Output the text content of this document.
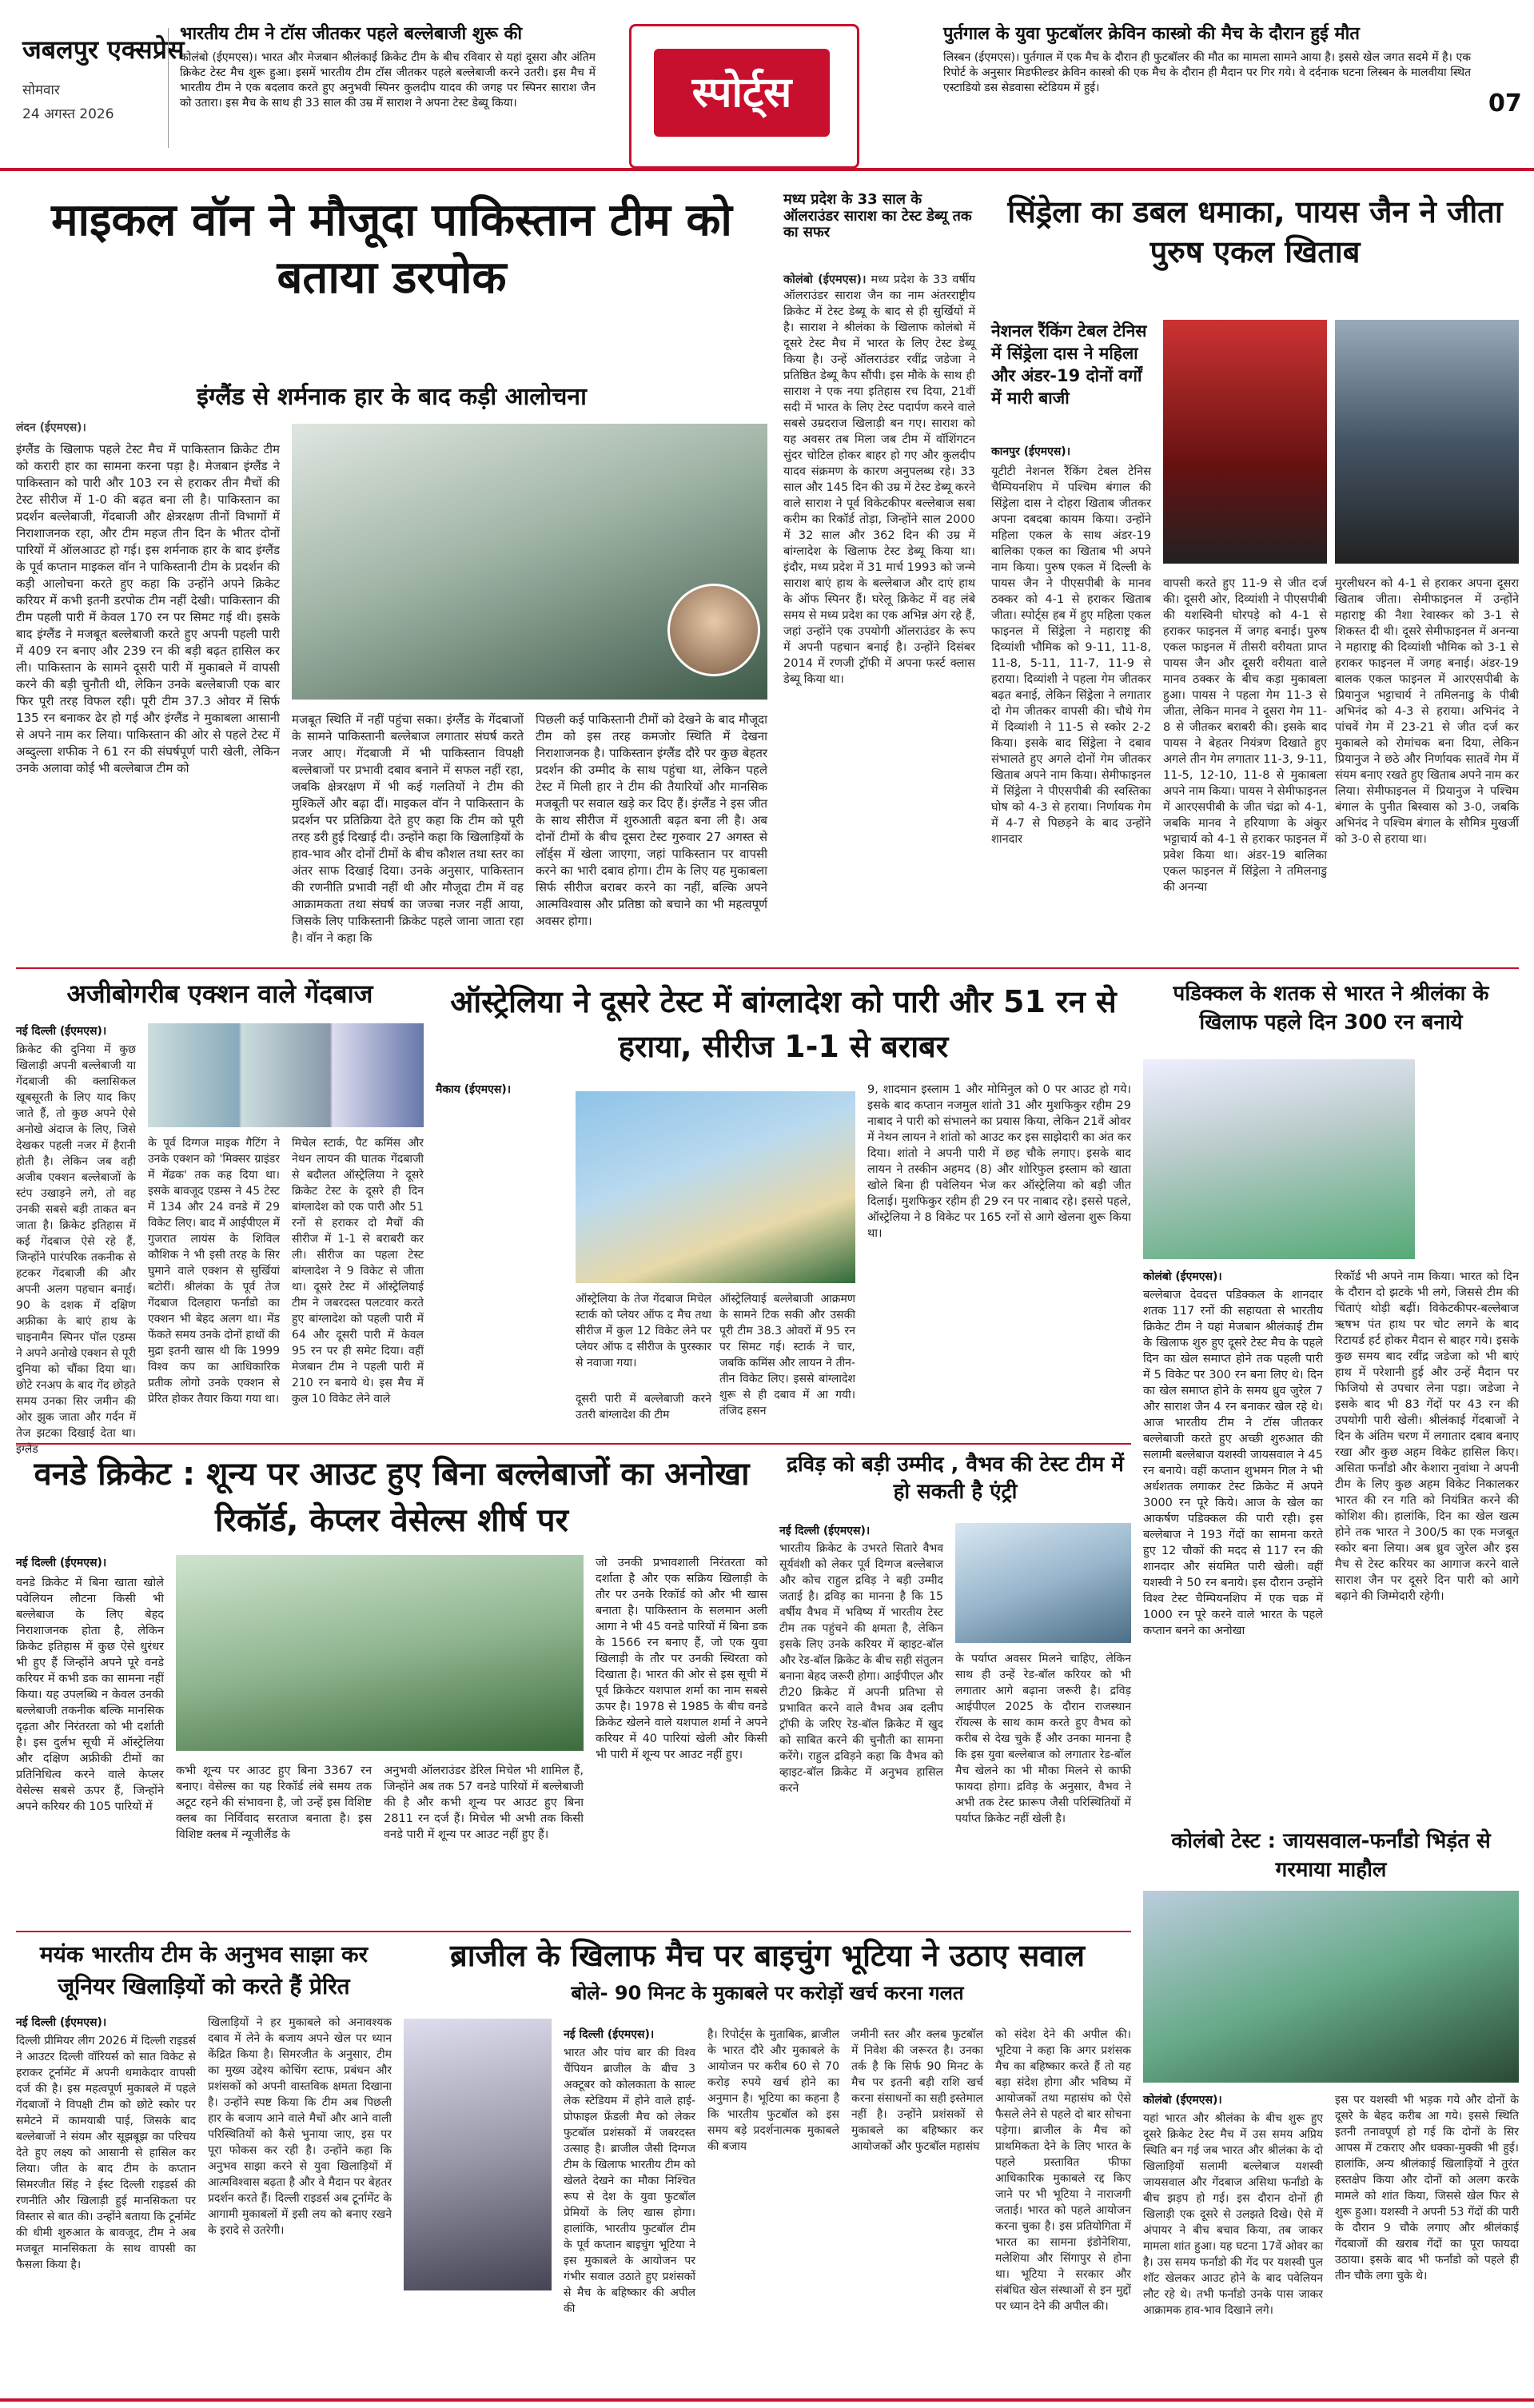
जबलपुर एक्सप्रेस
सोमवार
24 अगस्त 2026
भारतीय टीम ने टॉस जीतकर पहले बल्लेबाजी शुरू की
कोलंबो (ईएमएस)। भारत और मेजबान श्रीलंकाई क्रिकेट टीम के बीच रविवार से यहां दूसरा और अंतिम क्रिकेट टेस्ट मैच शुरू हुआ। इसमें भारतीय टीम टॉस जीतकर पहले बल्लेबाजी करने उतरी। इस मैच में भारतीय टीम ने एक बदलाव करते हुए अनुभवी स्पिनर कुलदीप यादव की जगह पर स्पिनर साराश जैन को उतारा। इस मैच के साथ ही 33 साल की उम्र में साराश ने अपना टेस्ट डेब्यू किया।	स्पोर्ट्स
पुर्तगाल के युवा फुटबॉलर क्रेविन कास्त्रो की मैच के दौरान हुई मौत
लिस्बन (ईएमएस)। पुर्तगाल में एक मैच के दौरान ही फुटबॉलर की मौत का मामला सामने आया है। इससे खेल जगत सदमे में है। एक रिपोर्ट के अनुसार मिडफील्डर क्रेविन कास्त्रो की एक मैच के दौरान ही मैदान पर गिर गये। वे दर्दनाक घटना लिस्बन के मालवीया स्थित एस्टाडियो डस सेडवासा स्टेडियम में हुई।
07
माइकल वॉन ने मौजूदा पाकिस्तान टीम को बताया डरपोक
इंग्लैंड से शर्मनाक हार के बाद कड़ी आलोचना
लंदन (ईएमएस)।
इंग्लैंड के खिलाफ पहले टेस्ट मैच में पाकिस्तान क्रिकेट टीम को करारी हार का सामना करना पड़ा है। मेजबान इंग्लैंड ने पाकिस्तान को पारी और 103 रन से हराकर तीन मैचों की टेस्ट सीरीज में 1-0 की बढ़त बना ली है। पाकिस्तान का प्रदर्शन बल्लेबाजी, गेंदबाजी और क्षेत्ररक्षण तीनों विभागों में निराशाजनक रहा, और टीम महज तीन दिन के भीतर दोनों पारियों में ऑलआउट हो गई। इस शर्मनाक हार के बाद इंग्लैंड के पूर्व कप्तान माइकल वॉन ने पाकिस्तानी टीम के प्रदर्शन की कड़ी आलोचना करते हुए कहा कि उन्होंने अपने क्रिकेट करियर में कभी इतनी डरपोक टीम नहीं देखी। पाकिस्तान की टीम पहली पारी में केवल 170 रन पर सिमट गई थी। इसके बाद इंग्लैंड ने मजबूत बल्लेबाजी करते हुए अपनी पहली पारी में 409 रन बनाए और 239 रन की बड़ी बढ़त हासिल कर ली। पाकिस्तान के सामने दूसरी पारी में मुकाबले में वापसी करने की बड़ी चुनौती थी, लेकिन उनके बल्लेबाजी एक बार फिर पूरी तरह विफल रही। पूरी टीम 37.3 ओवर में सिर्फ 135 रन बनाकर ढेर हो गई और इंग्लैंड ने मुकाबला आसानी से अपने नाम कर लिया। पाकिस्तान की ओर से पहले टेस्ट में अब्दुल्ला शफीक ने 61 रन की संघर्षपूर्ण पारी खेली, लेकिन उनके अलावा कोई भी बल्लेबाज टीम को
मजबूत स्थिति में नहीं पहुंचा सका। इंग्लैंड के गेंदबाजों के सामने पाकिस्तानी बल्लेबाज लगातार संघर्ष करते नजर आए। गेंदबाजी में भी पाकिस्तान विपक्षी बल्लेबाजों पर प्रभावी दबाव बनाने में सफल नहीं रहा, जबकि क्षेत्ररक्षण में भी कई गलतियों ने टीम की मुश्किलें और बढ़ा दीं। माइकल वॉन ने पाकिस्तान के प्रदर्शन पर प्रतिक्रिया देते हुए कहा कि टीम को पूरी तरह डरी हुई दिखाई दी। उन्होंने कहा कि खिलाड़ियों के हाव-भाव और दोनों टीमों के बीच कौशल तथा स्तर का अंतर साफ दिखाई दिया। उनके अनुसार, पाकिस्तान की रणनीति प्रभावी नहीं थी और मौजूदा टीम में वह आक्रामकता तथा संघर्ष का जज्बा नजर नहीं आया, जिसके लिए पाकिस्तानी क्रिकेट पहले जाना जाता रहा है। वॉन ने कहा कि
पिछली कई पाकिस्तानी टीमों को देखने के बाद मौजूदा टीम को इस तरह कमजोर स्थिति में देखना निराशाजनक है। पाकिस्तान इंग्लैंड दौरे पर कुछ बेहतर प्रदर्शन की उम्मीद के साथ पहुंचा था, लेकिन पहले टेस्ट में मिली हार ने टीम की तैयारियों और मानसिक मजबूती पर सवाल खड़े कर दिए हैं। इंग्लैंड ने इस जीत के साथ सीरीज में शुरुआती बढ़त बना ली है। अब दोनों टीमों के बीच दूसरा टेस्ट गुरुवार 27 अगस्त से लॉर्ड्स में खेला जाएगा, जहां पाकिस्तान पर वापसी करने का भारी दबाव होगा। टीम के लिए यह मुकाबला सिर्फ सीरीज बराबर करने का नहीं, बल्कि अपने आत्मविश्वास और प्रतिष्ठा को बचाने का भी महत्वपूर्ण अवसर होगा।
मध्य प्रदेश के 33 साल के ऑलराउंडर साराश का टेस्ट डेब्यू तक का सफर
कोलंबो (ईएमएस)। मध्य प्रदेश के 33 वर्षीय ऑलराउंडर साराश जैन का नाम अंतरराष्ट्रीय क्रिकेट में टेस्ट डेब्यू के बाद से ही सुर्खियों में है। साराश ने श्रीलंका के खिलाफ कोलंबो में दूसरे टेस्ट मैच में भारत के लिए टेस्ट डेब्यू किया है। उन्हें ऑलराउंडर रवींद्र जडेजा ने प्रतिष्ठित डेब्यू कैप सौंपी। इस मौके के साथ ही साराश ने एक नया इतिहास रच दिया, 21वीं सदी में भारत के लिए टेस्ट पदार्पण करने वाले सबसे उम्रदराज खिलाड़ी बन गए। साराश को यह अवसर तब मिला जब टीम में वॉशिंगटन सुंदर चोटिल होकर बाहर हो गए और कुलदीप यादव संक्रमण के कारण अनुपलब्ध रहे। 33 साल और 145 दिन की उम्र में टेस्ट डेब्यू करने वाले साराश ने पूर्व विकेटकीपर बल्लेबाज सबा करीम का रिकॉर्ड तोड़ा, जिन्होंने साल 2000 में 32 साल और 362 दिन की उम्र में बांग्लादेश के खिलाफ टेस्ट डेब्यू किया था। इंदौर, मध्य प्रदेश में 31 मार्च 1993 को जन्मे साराश बाएं हाथ के बल्लेबाज और दाएं हाथ के ऑफ स्पिनर हैं। घरेलू क्रिकेट में वह लंबे समय से मध्य प्रदेश का एक अभिन्न अंग रहे हैं, जहां उन्होंने एक उपयोगी ऑलराउंडर के रूप में अपनी पहचान बनाई है। उन्होंने दिसंबर 2014 में रणजी ट्रॉफी में अपना फर्स्ट क्लास डेब्यू किया था।
सिंड्रेला का डबल धमाका, पायस जैन ने जीता पुरुष एकल खिताब
नेशनल रैंकिंग टेबल टेनिस में सिंड्रेला दास ने महिला और अंडर-19 दोनों वर्गों में मारी बाजी
कानपुर (ईएमएस)।
यूटीटी नेशनल रैंकिंग टेबल टेनिस चैम्पियनशिप में पश्चिम बंगाल की सिंड्रेला दास ने दोहरा खिताब जीतकर अपना दबदबा कायम किया। उन्होंने महिला एकल के साथ अंडर-19 बालिका एकल का खिताब भी अपने नाम किया। पुरुष एकल में दिल्ली के पायस जैन ने पीएसपीबी के मानव ठक्कर को 4-1 से हराकर खिताब जीता। स्पोर्ट्स हब में हुए महिला एकल फाइनल में सिंड्रेला ने महाराष्ट्र की दिव्यांशी भौमिक को 9-11, 11-8, 11-8, 5-11, 11-7, 11-9 से हराया। दिव्यांशी ने पहला गेम जीतकर बढ़त बनाई, लेकिन सिंड्रेला ने लगातार दो गेम जीतकर वापसी की। चौथे गेम में दिव्यांशी ने 11-5 से स्कोर 2-2 किया। इसके बाद सिंड्रेला ने दबाव संभालते हुए अगले दोनों गेम जीतकर खिताब अपने नाम किया। सेमीफाइनल में सिंड्रेला ने पीएसपीबी की स्वस्तिका घोष को 4-3 से हराया। निर्णायक गेम में 4-7 से पिछड़ने के बाद उन्होंने शानदार
वापसी करते हुए 11-9 से जीत दर्ज की। दूसरी ओर, दिव्यांशी ने पीएसपीबी की यशस्विनी घोरपड़े को 4-1 से हराकर फाइनल में जगह बनाई। पुरुष एकल फाइनल में तीसरी वरीयता प्राप्त पायस जैन और दूसरी वरीयता वाले मानव ठक्कर के बीच कड़ा मुकाबला हुआ। पायस ने पहला गेम 11-3 से जीता, लेकिन मानव ने दूसरा गेम 11-8 से जीतकर बराबरी की। इसके बाद पायस ने बेहतर नियंत्रण दिखाते हुए अगले तीन गेम लगातार 11-3, 9-11, 11-5, 12-10, 11-8 से मुकाबला अपने नाम किया। पायस ने सेमीफाइनल में आरएसपीबी के जीत चंद्रा को 4-1, जबकि मानव ने हरियाणा के अंकुर भट्टाचार्य को 4-1 से हराकर फाइनल में प्रवेश किया था। अंडर-19 बालिका एकल फाइनल में सिंड्रेला ने तमिलनाडु की अनन्या
मुरलीधरन को 4-1 से हराकर अपना दूसरा खिताब जीता। सेमीफाइनल में उन्होंने महाराष्ट्र की नैशा रेवास्कर को 3-1 से शिकस्त दी थी। दूसरे सेमीफाइनल में अनन्या ने महाराष्ट्र की दिव्यांशी भौमिक को 3-1 से हराकर फाइनल में जगह बनाई। अंडर-19 बालक एकल फाइनल में आरएसपीबी के प्रियानुज भट्टाचार्य ने तमिलनाडु के पीबी अभिनंद को 4-3 से हराया। अभिनंद ने पांचवें गेम में 23-21 से जीत दर्ज कर मुकाबले को रोमांचक बना दिया, लेकिन प्रियानुज ने छठे और निर्णायक सातवें गेम में संयम बनाए रखते हुए खिताब अपने नाम कर लिया। सेमीफाइनल में प्रियानुज ने पश्चिम बंगाल के पुनीत बिस्वास को 3-0, जबकि अभिनंद ने पश्चिम बंगाल के सौमित्र मुखर्जी को 3-0 से हराया था।
अजीबोगरीब एक्शन वाले गेंदबाज
नई दिल्ली (ईएमएस)।
क्रिकेट की दुनिया में कुछ खिलाड़ी अपनी बल्लेबाजी या गेंदबाजी की क्लासिकल खूबसूरती के लिए याद किए जाते हैं, तो कुछ अपने ऐसे अनोखे अंदाज के लिए, जिसे देखकर पहली नजर में हैरानी होती है। लेकिन जब वही अजीब एक्शन बल्लेबाजों के स्टंप उखाड़ने लगे, तो वह उनकी सबसे बड़ी ताकत बन जाता है। क्रिकेट इतिहास में कई गेंदबाज ऐसे रहे हैं, जिन्होंने पारंपरिक तकनीक से हटकर गेंदबाजी की और अपनी अलग पहचान बनाई। 90 के दशक में दक्षिण अफ्रीका के बाएं हाथ के चाइनामैन स्पिनर पॉल एडम्स ने अपने अनोखे एक्शन से पूरी दुनिया को चौंका दिया था। छोटे रनअप के बाद गेंद छोड़ते समय उनका सिर जमीन की ओर झुक जाता और गर्दन में तेज झटका दिखाई देता था। इंग्लैंड
के पूर्व दिग्गज माइक गैटिंग ने उनके एक्शन को 'मिक्सर ग्राइंडर में मेंढक' तक कह दिया था। इसके बावजूद एडम्स ने 45 टेस्ट में 134 और 24 वनडे में 29 विकेट लिए। बाद में आईपीएल में गुजरात लायंस के शिविल कौशिक ने भी इसी तरह के सिर घुमाने वाले एक्शन से सुर्खियां बटोरीं। श्रीलंका के पूर्व तेज गेंदबाज दिलहारा फर्नांडो का एक्शन भी बेहद अलग था। मेंड फेंकते समय उनके दोनों हाथों की मुद्रा इतनी खास थी कि 1999 विश्व कप का आधिकारिक प्रतीक लोगो उनके एक्शन से प्रेरित होकर तैयार किया गया था।
मिचेल स्टार्क, पैट कमिंस और नेथन लायन की घातक गेंदबाजी से बदौलत ऑस्ट्रेलिया ने दूसरे क्रिकेट टेस्ट के दूसरे ही दिन बांग्लादेश को एक पारी और 51 रनों से हराकर दो मैचों की सीरीज में 1-1 से बराबरी कर ली। सीरीज का पहला टेस्ट बांग्लादेश ने 9 विकेट से जीता था। दूसरे टेस्ट में ऑस्ट्रेलियाई टीम ने जबरदस्त पलटवार करते हुए बांग्लादेश को पहली पारी में 64 और दूसरी पारी में केवल 95 रन पर ही समेट दिया। वहीं मेजबान टीम ने पहली पारी में 210 रन बनाये थे। इस मैच में कुल 10 विकेट लेने वाले
ऑस्ट्रेलिया ने दूसरे टेस्ट में बांग्लादेश को पारी और 51 रन से हराया, सीरीज 1-1 से बराबर
मैकाय (ईएमएस)।
ऑस्ट्रेलिया के तेज गेंदबाज मिचेल स्टार्क को प्लेयर ऑफ द मैच तथा सीरीज में कुल 12 विकेट लेने पर प्लेयर ऑफ द सीरीज के पुरस्कार से नवाजा गया।
ऑस्ट्रेलियाई बल्लेबाजी आक्रमण के सामने टिक सकी और उसकी पूरी टीम 38.3 ओवरों में 95 रन पर सिमट गई। स्टार्क ने चार, जबकि कमिंस और लायन ने तीन-तीन विकेट लिए। इससे बांग्लादेश शुरू से ही दबाव में आ गयी। तंजिद हसन
दूसरी पारी में बल्लेबाजी करने उतरी बांग्लादेश की टीम
9, शादमान इस्लाम 1 और मोमिनुल को 0 पर आउट हो गये। इसके बाद कप्तान नजमुल शांतो 31 और मुशफिकुर रहीम 29 नाबाद ने पारी को संभालने का प्रयास किया, लेकिन 21वें ओवर में नेथन लायन ने शांतो को आउट कर इस साझेदारी का अंत कर दिया। शांतो ने अपनी पारी में छह चौके लगाए। इसके बाद लायन ने तस्कीन अहमद (8) और शोरिफुल इस्लाम को खाता खोले बिना ही पवेलियन भेज कर ऑस्ट्रेलिया को बड़ी जीत दिलाई। मुशफिकुर रहीम ही 29 रन पर नाबाद रहे। इससे पहले, ऑस्ट्रेलिया ने 8 विकेट पर 165 रनों से आगे खेलना शुरू किया था।
पडिक्कल के शतक से भारत ने श्रीलंका के खिलाफ पहले दिन 300 रन बनाये
कोलंबो (ईएमएस)।
बल्लेबाज देवदत्त पडिक्कल के शानदार शतक 117 रनों की सहायता से भारतीय क्रिकेट टीम ने यहां मेजबान श्रीलंकाई टीम के खिलाफ शुरु हुए दूसरे टेस्ट मैच के पहले दिन का खेल समाप्त होने तक पहली पारी में 5 विकेट पर 300 रन बना लिए थे। दिन का खेल समाप्त होने के समय ध्रुव जुरेल 7 और साराश जैन 4 रन बनाकर खेल रहे थे। आज भारतीय टीम ने टॉस जीतकर बल्लेबाजी करते हुए अच्छी शुरुआत की सलामी बल्लेबाज यशस्वी जायसवाल ने 45 रन बनाये। वहीं कप्तान शुभमन गिल ने भी अर्धशतक लगाकर टेस्ट क्रिकेट में अपने 3000 रन पूरे किये। आज के खेल का आकर्षण पडिक्कल की पारी रही। इस बल्लेबाज ने 193 गेंदों का सामना करते हुए 12 चौकों की मदद से 117 रन की शानदार और संयमित पारी खेली। वहीं यशस्वी ने 50 रन बनाये। इस दौरान उन्होंने विश्व टेस्ट चैम्पियनशिप में एक चक्र में 1000 रन पूरे करने वाले भारत के पहले कप्तान बनने का अनोखा
रिकॉर्ड भी अपने नाम किया। भारत को दिन के दौरान दो झटके भी लगे, जिससे टीम की चिंताएं थोड़ी बढ़ीं। विकेटकीपर-बल्लेबाज ऋषभ पंत हाथ पर चोट लगने के बाद रिटायर्ड हर्ट होकर मैदान से बाहर गये। इसके कुछ समय बाद रवींद्र जडेजा को भी बाएं हाथ में परेशानी हुई और उन्हें मैदान पर फिजियो से उपचार लेना पड़ा। जडेजा ने इसके बाद भी 83 गेंदों पर 43 रन की उपयोगी पारी खेली। श्रीलंकाई गेंदबाजों ने दिन के अंतिम चरण में लगातार दबाव बनाए रखा और कुछ अहम विकेट हासिल किए। असिता फर्नांडो और केशारा नुवांथा ने अपनी टीम के लिए कुछ अहम विकेट निकालकर भारत की रन गति को नियंत्रित करने की कोशिश की। हालांकि, दिन का खेल खत्म होने तक भारत ने 300/5 का एक मजबूत स्कोर बना लिया। अब ध्रुव जुरेल और इस मैच से टेस्ट करियर का आगाज करने वाले साराश जैन पर दूसरे दिन पारी को आगे बढ़ाने की जिम्मेदारी रहेगी।
वनडे क्रिकेट : शून्य पर आउट हुए बिना बल्लेबाजों का अनोखा रिकॉर्ड, केप्लर वेसेल्स शीर्ष पर
नई दिल्ली (ईएमएस)।
वनडे क्रिकेट में बिना खाता खोले पवेलियन लौटना किसी भी बल्लेबाज के लिए बेहद निराशाजनक होता है, लेकिन क्रिकेट इतिहास में कुछ ऐसे धुरंधर भी हुए हैं जिन्होंने अपने पूरे वनडे करियर में कभी डक का सामना नहीं किया। यह उपलब्धि न केवल उनकी बल्लेबाजी तकनीक बल्कि मानसिक दृढ़ता और निरंतरता को भी दर्शाती है। इस दुर्लभ सूची में ऑस्ट्रेलिया और दक्षिण अफ्रीकी टीमों का प्रतिनिधित्व करने वाले केप्लर वेसेल्स सबसे ऊपर हैं, जिन्होंने अपने करियर की 105 पारियों में
कभी शून्य पर आउट हुए बिना 3367 रन बनाए। वेसेल्स का यह रिकॉर्ड लंबे समय तक अटूट रहने की संभावना है, जो उन्हें इस विशिष्ट क्लब का निर्विवाद सरताज बनाता है। इस विशिष्ट क्लब में न्यूजीलैंड के
अनुभवी ऑलराउंडर डेरिल मिचेल भी शामिल हैं, जिन्होंने अब तक 57 वनडे पारियों में बल्लेबाजी की है और कभी शून्य पर आउट हुए बिना 2811 रन दर्ज हैं। मिचेल भी अभी तक किसी वनडे पारी में शून्य पर आउट नहीं हुए हैं।
जो उनकी प्रभावशाली निरंतरता को दर्शाता है और एक सक्रिय खिलाड़ी के तौर पर उनके रिकॉर्ड को और भी खास बनाता है। पाकिस्तान के सलमान अली आगा ने भी 45 वनडे पारियों में बिना डक के 1566 रन बनाए हैं, जो एक युवा खिलाड़ी के तौर पर उनकी स्थिरता को दिखाता है। भारत की ओर से इस सूची में पूर्व क्रिकेटर यशपाल शर्मा का नाम सबसे ऊपर है। 1978 से 1985 के बीच वनडे क्रिकेट खेलने वाले यशपाल शर्मा ने अपने करियर में 40 पारियां खेली और किसी भी पारी में शून्य पर आउट नहीं हुए।
द्रविड़ को बड़ी उम्मीद , वैभव की टेस्ट टीम में हो सकती है एंट्री
नई दिल्ली (ईएमएस)।
भारतीय क्रिकेट के उभरते सितारे वैभव सूर्यवंशी को लेकर पूर्व दिग्गज बल्लेबाज और कोच राहुल द्रविड़ ने बड़ी उम्मीद जताई है। द्रविड़ का मानना है कि 15 वर्षीय वैभव में भविष्य में भारतीय टेस्ट टीम तक पहुंचने की क्षमता है, लेकिन इसके लिए उनके करियर में व्हाइट-बॉल और रेड-बॉल क्रिकेट के बीच सही संतुलन बनाना बेहद जरूरी होगा। आईपीएल और टी20 क्रिकेट में अपनी प्रतिभा से प्रभावित करने वाले वैभव अब दलीप ट्रॉफी के जरिए रेड-बॉल क्रिकेट में खुद को साबित करने की चुनौती का सामना करेंगे। राहुल द्रविड़ने कहा कि वैभव को व्हाइट-बॉल क्रिकेट में अनुभव हासिल करने
के पर्याप्त अवसर मिलने चाहिए, लेकिन साथ ही उन्हें रेड-बॉल करियर को भी लगातार आगे बढ़ाना जरूरी है। द्रविड़ आईपीएल 2025 के दौरान राजस्थान रॉयल्स के साथ काम करते हुए वैभव को करीब से देख चुके हैं और उनका मानना है कि इस युवा बल्लेबाज को लगातार रेड-बॉल मैच खेलने का भी मौका मिलने से काफी फायदा होगा। द्रविड़ के अनुसार, वैभव ने अभी तक टेस्ट फ्रारूप जैसी परिस्थितियों में पर्याप्त क्रिकेट नहीं खेली है।
मयंक भारतीय टीम के अनुभव साझा कर जूनियर खिलाड़ियों को करते हैं प्रेरित
नई दिल्ली (ईएमएस)।
दिल्ली प्रीमियर लीग 2026 में दिल्ली राइडर्स ने आउटर दिल्ली वॉरियर्स को सात विकेट से हराकर टूर्नामेंट में अपनी धमाकेदार वापसी दर्ज की है। इस महत्वपूर्ण मुकाबले में पहले गेंदबाजों ने विपक्षी टीम को छोटे स्कोर पर समेटने में कामयाबी पाई, जिसके बाद बल्लेबाजों ने संयम और सूझबूझ का परिचय देते हुए लक्ष्य को आसानी से हासिल कर लिया। जीत के बाद टीम के कप्तान सिमरजीत सिंह ने ईस्ट दिल्ली राइडर्स की रणनीति और खिलाड़ी हुई मानसिकता पर विस्तार से बात की। उन्होंने बताया कि टूर्नामेंट की धीमी शुरुआत के बावजूद, टीम ने अब मजबूत मानसिकता के साथ वापसी का फैसला किया है।
खिलाड़ियों ने हर मुकाबले को अनावश्यक दबाव में लेने के बजाय अपने खेल पर ध्यान केंद्रित किया है। सिमरजीत के अनुसार, टीम का मुख्य उद्देश्य कोचिंग स्टाफ, प्रबंधन और प्रशंसकों को अपनी वास्तविक क्षमता दिखाना है। उन्होंने स्पष्ट किया कि टीम अब पिछली हार के बजाय आने वाले मैचों और आने वाली परिस्थितियों को कैसे भुनाया जाए, इस पर पूरा फोकस कर रही है। उन्होंने कहा कि अनुभव साझा करने से युवा खिलाड़ियों में आत्मविश्वास बढ़ता है और वे मैदान पर बेहतर प्रदर्शन करते हैं। दिल्ली राइडर्स अब टूर्नामेंट के आगामी मुकाबलों में इसी लय को बनाए रखने के इरादे से उतरेगी।
ब्राजील के खिलाफ मैच पर बाइचुंग भूटिया ने उठाए सवाल
बोले- 90 मिनट के मुकाबले पर करोड़ों खर्च करना गलत
नई दिल्ली (ईएमएस)।
भारत और पांच बार की विश्व चैंपियन ब्राजील के बीच 3 अक्टूबर को कोलकाता के साल्ट लेक स्टेडियम में होने वाले हाई-प्रोफाइल फ्रेंडली मैच को लेकर फुटबॉल प्रशंसकों में जबरदस्त उत्साह है। ब्राजील जैसी दिग्गज टीम के खिलाफ भारतीय टीम को खेलते देखने का मौका निश्चित रूप से देश के युवा फुटबॉल प्रेमियों के लिए खास होगा। हालांकि, भारतीय फुटबॉल टीम के पूर्व कप्तान बाइचुंग भूटिया ने इस मुकाबले के आयोजन पर गंभीर सवाल उठाते हुए प्रशंसकों से मैच के बहिष्कार की अपील की
है। रिपोर्ट्स के मुताबिक, ब्राजील के भारत दौरे और मुकाबले के आयोजन पर करीब 60 से 70 करोड़ रुपये खर्च होने का अनुमान है। भूटिया का कहना है कि भारतीय फुटबॉल को इस समय बड़े प्रदर्शनात्मक मुकाबले की बजाय
जमीनी स्तर और क्लब फुटबॉल में निवेश की जरूरत है। उनका तर्क है कि सिर्फ 90 मिनट के मैच पर इतनी बड़ी राशि खर्च करना संसाधनों का सही इस्तेमाल नहीं है। उन्होंने प्रशंसकों से मुकाबले का बहिष्कार कर आयोजकों और फुटबॉल महासंघ
को संदेश देने की अपील की। भूटिया ने कहा कि अगर प्रशंसक मैच का बहिष्कार करते हैं तो यह बड़ा संदेश होगा और भविष्य में आयोजकों तथा महासंघ को ऐसे फैसले लेने से पहले दो बार सोचना पड़ेगा। ब्राजील के मैच को प्राथमिकता देने के लिए भारत के पहले प्रस्तावित फीफा आधिकारिक मुकाबले रद्द किए जाने पर भी भूटिया ने नाराजगी जताई। भारत को पहले आयोजन करना चुका है। इस प्रतियोगिता में भारत का सामना इंडोनेशिया, मलेशिया और सिंगापुर से होना था। भूटिया ने सरकार और संबंधित खेल संस्थाओं से इन मुद्दों पर ध्यान देने की अपील की।
कोलंबो टेस्ट : जायसवाल-फर्नांडो भिड़ंत से गरमाया माहौल
कोलंबो (ईएमएस)।
यहां भारत और श्रीलंका के बीच शुरू हुए दूसरे क्रिकेट टेस्ट मैच में उस समय अप्रिय स्थिति बन गई जब भारत और श्रीलंका के दो खिलाड़ियों सलामी बल्लेबाज यशस्वी जायसवाल और गेंदबाज असिथा फर्नांडो के बीच झड़प हो गई। इस दौरान दोनों ही खिलाड़ी एक दूसरे से उलझते दिखे। ऐसे में अंपायर ने बीच बचाव किया, तब जाकर मामला शांत हुआ। यह घटना 17वें ओवर का है। उस समय फर्नांडो की गेंद पर यशस्वी पुल शॉट खेलकर आउट होने के बाद पवेलियन लौट रहे थे। तभी फर्नांडो उनके पास जाकर आक्रामक हाव-भाव दिखाने लगे।
इस पर यशस्वी भी भड़क गये और दोनों के दूसरे के बेहद करीब आ गये। इससे स्थिति इतनी तनावपूर्ण हो गई कि दोनों के सिर आपस में टकराए और धक्का-मुक्की भी हुई। हालांकि, अन्य श्रीलंकाई खिलाड़ियों ने तुरंत हस्तक्षेप किया और दोनों को अलग करके मामले को शांत किया, जिससे खेल फिर से शुरू हुआ। यशस्वी ने अपनी 53 गेंदों की पारी के दौरान 9 चौके लगाए और श्रीलंकाई गेंदबाजों की खराब गेंदों का पूरा फायदा उठाया। इसके बाद भी फर्नांडो को पहले ही तीन चौके लगा चुके थे।
